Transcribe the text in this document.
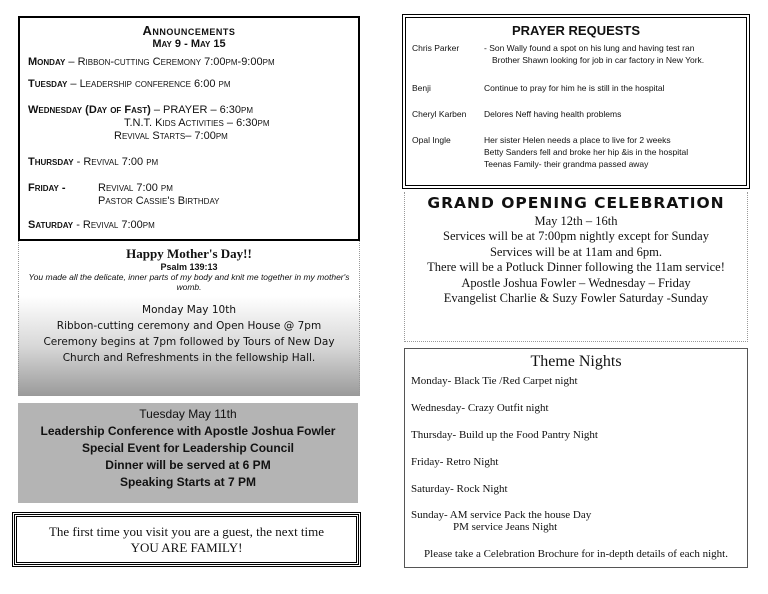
Announcements
May 9 - May 15
Monday – Ribbon-cutting Ceremony 7:00pm-9:00pm
Tuesday – Leadership conference 6:00 pm
Wednesday (Day of Fast) – PRAYER – 6:30pm
T.N.T. Kids Activities – 6:30pm
Revival Starts– 7:00pm
Thursday - Revival 7:00 pm
Friday -	Revival 7:00 pm
Pastor Cassie's Birthday
Saturday - Revival 7:00pm
Happy Mother's Day!!
Psalm 139:13
You made all the delicate, inner parts of my body and knit me together in my mother's womb.
Monday May 10th
Ribbon-cutting ceremony and Open House @ 7pm
Ceremony begins at 7pm followed by Tours of New Day
Church and Refreshments in the fellowship Hall.
Tuesday May 11th
Leadership Conference with Apostle Joshua Fowler
Special Event for Leadership Council
Dinner will be served at 6 PM
Speaking Starts at 7 PM
The first time you visit you are a guest, the next time
YOU ARE FAMILY!
PRAYER REQUESTS
Chris Parker	- Son Wally found a spot on his lung and having test ran
Brother Shawn looking for job in car factory in New York.
Benji	Continue to pray for him he is still in the hospital
Cheryl Karben	Delores Neff having health problems
Opal Ingle	Her sister Helen needs a place to live for 2 weeks
Betty Sanders fell and broke her hip &is in the hospital
Teenas Family- their grandma passed away
GRAND OPENING CELEBRATION
May 12th – 16th
Services will be at 7:00pm nightly except for Sunday
Services will be at 11am and 6pm.
There will be a Potluck Dinner following the 11am service!
Apostle Joshua Fowler – Wednesday – Friday
Evangelist Charlie & Suzy Fowler Saturday -Sunday
Theme Nights
Monday- Black Tie /Red Carpet night
Wednesday- Crazy Outfit night
Thursday- Build up the Food Pantry Night
Friday- Retro Night
Saturday- Rock Night
Sunday- AM service Pack the house Day
PM service Jeans Night
Please take a Celebration Brochure for in-depth details of each night.
